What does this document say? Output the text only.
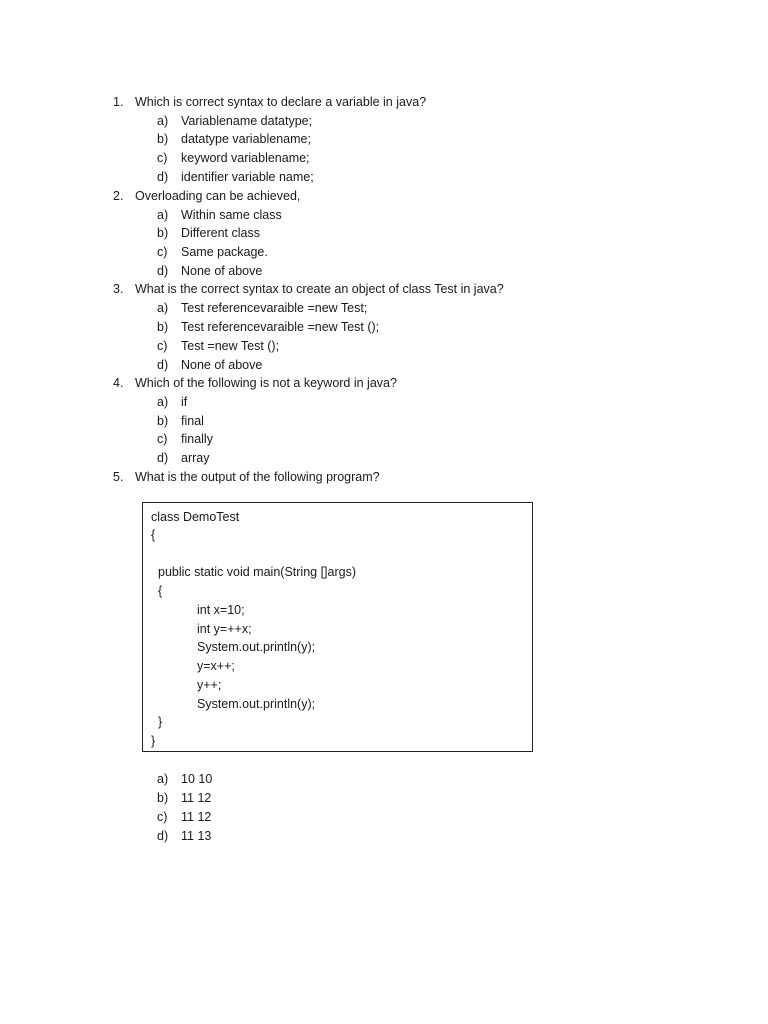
1. Which is correct syntax to declare a variable in java?
a) Variablename datatype;
b) datatype variablename;
c) keyword variablename;
d) identifier variable name;
2. Overloading can be achieved,
a) Within same class
b) Different class
c) Same package.
d) None of above
3. What is the correct syntax to create an object of class Test in java?
a) Test referencevaraible =new Test;
b) Test referencevaraible =new Test ();
c) Test =new Test ();
d) None of above
4. Which of the following is not a keyword in java?
a) if
b) final
c) finally
d) array
5. What is the output of the following program?
class DemoTest
{
public static void main(String []args)
{
int x=10;
int y=++x;
System.out.println(y);
y=x++;
y++;
System.out.println(y);
}
}
a) 10 10
b) 11 12
c) 11 12
d) 11 13
